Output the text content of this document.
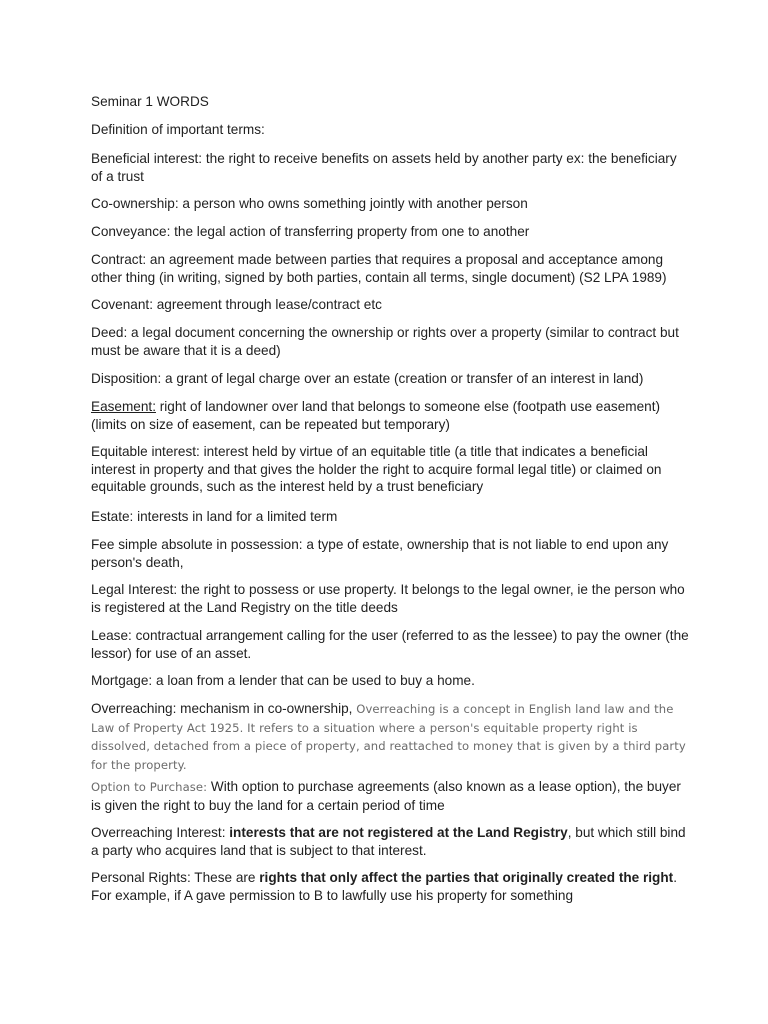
Seminar 1 WORDS

Definition of important terms:

Beneficial interest: the right to receive benefits on assets held by another party ex: the beneficiary of a trust

Co-ownership: a person who owns something jointly with another person

Conveyance: the legal action of transferring property from one to another

Contract: an agreement made between parties that requires a proposal and acceptance among other thing (in writing, signed by both parties, contain all terms, single document) (S2 LPA 1989)

Covenant: agreement through lease/contract etc

Deed: a legal document concerning the ownership or rights over a property (similar to contract but must be aware that it is a deed)

Disposition: a grant of legal charge over an estate (creation or transfer of an interest in land)

Easement: right of landowner over land that belongs to someone else (footpath use easement) (limits on size of easement, can be repeated but temporary)

Equitable interest: interest held by virtue of an equitable title (a title that indicates a beneficial interest in property and that gives the holder the right to acquire formal legal title) or claimed on equitable grounds, such as the interest held by a trust beneficiary

Estate: interests in land for a limited term

Fee simple absolute in possession: a type of estate, ownership that is not liable to end upon any person's death,

Legal Interest: the right to possess or use property. It belongs to the legal owner, ie the person who is registered at the Land Registry on the title deeds

Lease: contractual arrangement calling for the user (referred to as the lessee) to pay the owner (the lessor) for use of an asset.

Mortgage: a loan from a lender that can be used to buy a home.

Overreaching: mechanism in co-ownership, Overreaching is a concept in English land law and the Law of Property Act 1925. It refers to a situation where a person's equitable property right is dissolved, detached from a piece of property, and reattached to money that is given by a third party for the property.

Option to Purchase: With option to purchase agreements (also known as a lease option), the buyer is given the right to buy the land for a certain period of time

Overreaching Interest: interests that are not registered at the Land Registry, but which still bind a party who acquires land that is subject to that interest.

Personal Rights: These are rights that only affect the parties that originally created the right. For example, if A gave permission to B to lawfully use his property for something
